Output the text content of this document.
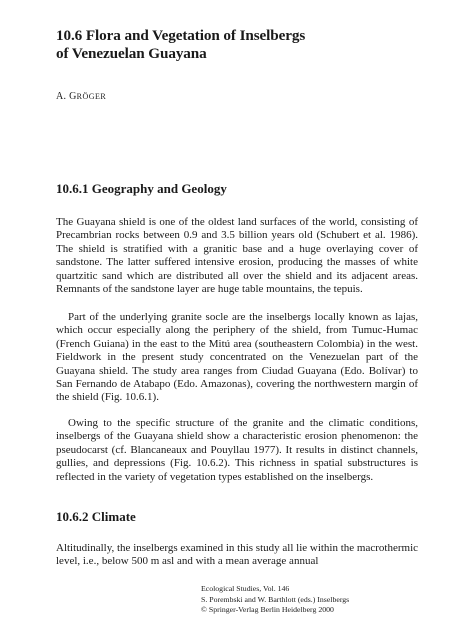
10.6 Flora and Vegetation of Inselbergs
of Venezuelan Guayana
A. GRÖGER
10.6.1 Geography and Geology

The Guayana shield is one of the oldest land surfaces of the world, consisting of Precambrian rocks between 0.9 and 3.5 billion years old (Schubert et al. 1986). The shield is stratified with a granitic base and a huge overlaying cover of sandstone. The latter suffered intensive erosion, producing the masses of white quartzitic sand which are distributed all over the shield and its adjacent areas. Remnants of the sandstone layer are huge table mountains, the tepuis.

Part of the underlying granite socle are the inselbergs locally known as lajas, which occur especially along the periphery of the shield, from Tumuc-Humac (French Guiana) in the east to the Mitú area (southeastern Colombia) in the west. Fieldwork in the present study concentrated on the Venezuelan part of the Guayana shield. The study area ranges from Ciudad Guayana (Edo. Bolívar) to San Fernando de Atabapo (Edo. Amazonas), covering the northwestern margin of the shield (Fig. 10.6.1).

Owing to the specific structure of the granite and the climatic conditions, inselbergs of the Guayana shield show a characteristic erosion phenomenon: the pseudocarst (cf. Blancaneaux and Pouyllau 1977). It results in distinct channels, gullies, and depressions (Fig. 10.6.2). This richness in spatial substructures is reflected in the variety of vegetation types established on the inselbergs.

10.6.2 Climate

Altitudinally, the inselbergs examined in this study all lie within the macrothermic level, i.e., below 500 m asl and with a mean average annual

Ecological Studies, Vol. 146
S. Porembski and W. Barthlott (eds.) Inselbergs
© Springer-Verlag Berlin Heidelberg 2000
